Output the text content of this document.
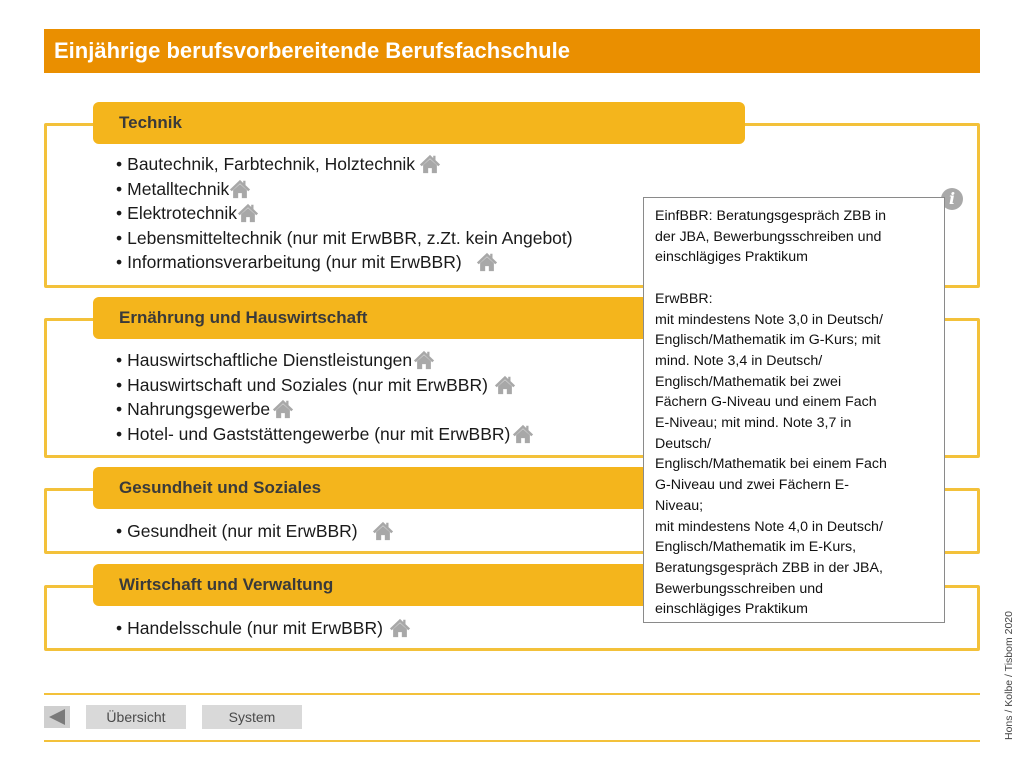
Einjährige berufsvorbereitende Berufsfachschule
Technik
• Bautechnik, Farbtechnik, Holztechnik
• Metalltechnik
• Elektrotechnik
• Lebensmitteltechnik (nur mit ErwBBR, z.Zt. kein Angebot)
• Informationsverarbeitung (nur mit ErwBBR)
Ernährung und Hauswirtschaft
• Hauswirtschaftliche Dienstleistungen
• Hauswirtschaft und Soziales (nur mit ErwBBR)
• Nahrungsgewerbe
• Hotel- und Gaststättengewerbe (nur mit ErwBBR)
Gesundheit und Soziales
• Gesundheit (nur mit ErwBBR)
Wirtschaft und Verwaltung
• Handelsschule (nur mit ErwBBR)
i

EinfBBR: Beratungsgespräch ZBB in
der JBA, Bewerbungsschreiben und
einschlägiges Praktikum

ErwBBR:
mit mindestens Note 3,0 in Deutsch/
Englisch/Mathematik im G-Kurs; mit
mind. Note 3,4 in Deutsch/
Englisch/Mathematik bei zwei
Fächern G-Niveau und einem Fach
E-Niveau; mit mind. Note 3,7 in
Deutsch/
Englisch/Mathematik bei einem Fach
G-Niveau und zwei Fächern E-
Niveau;
mit mindestens Note 4,0 in Deutsch/
Englisch/Mathematik im E-Kurs,
Beratungsgespräch ZBB in der JBA,
Bewerbungsschreiben und
einschlägiges Praktikum

Übersicht	System	Hons / Kolbe / Tisbom 2020
